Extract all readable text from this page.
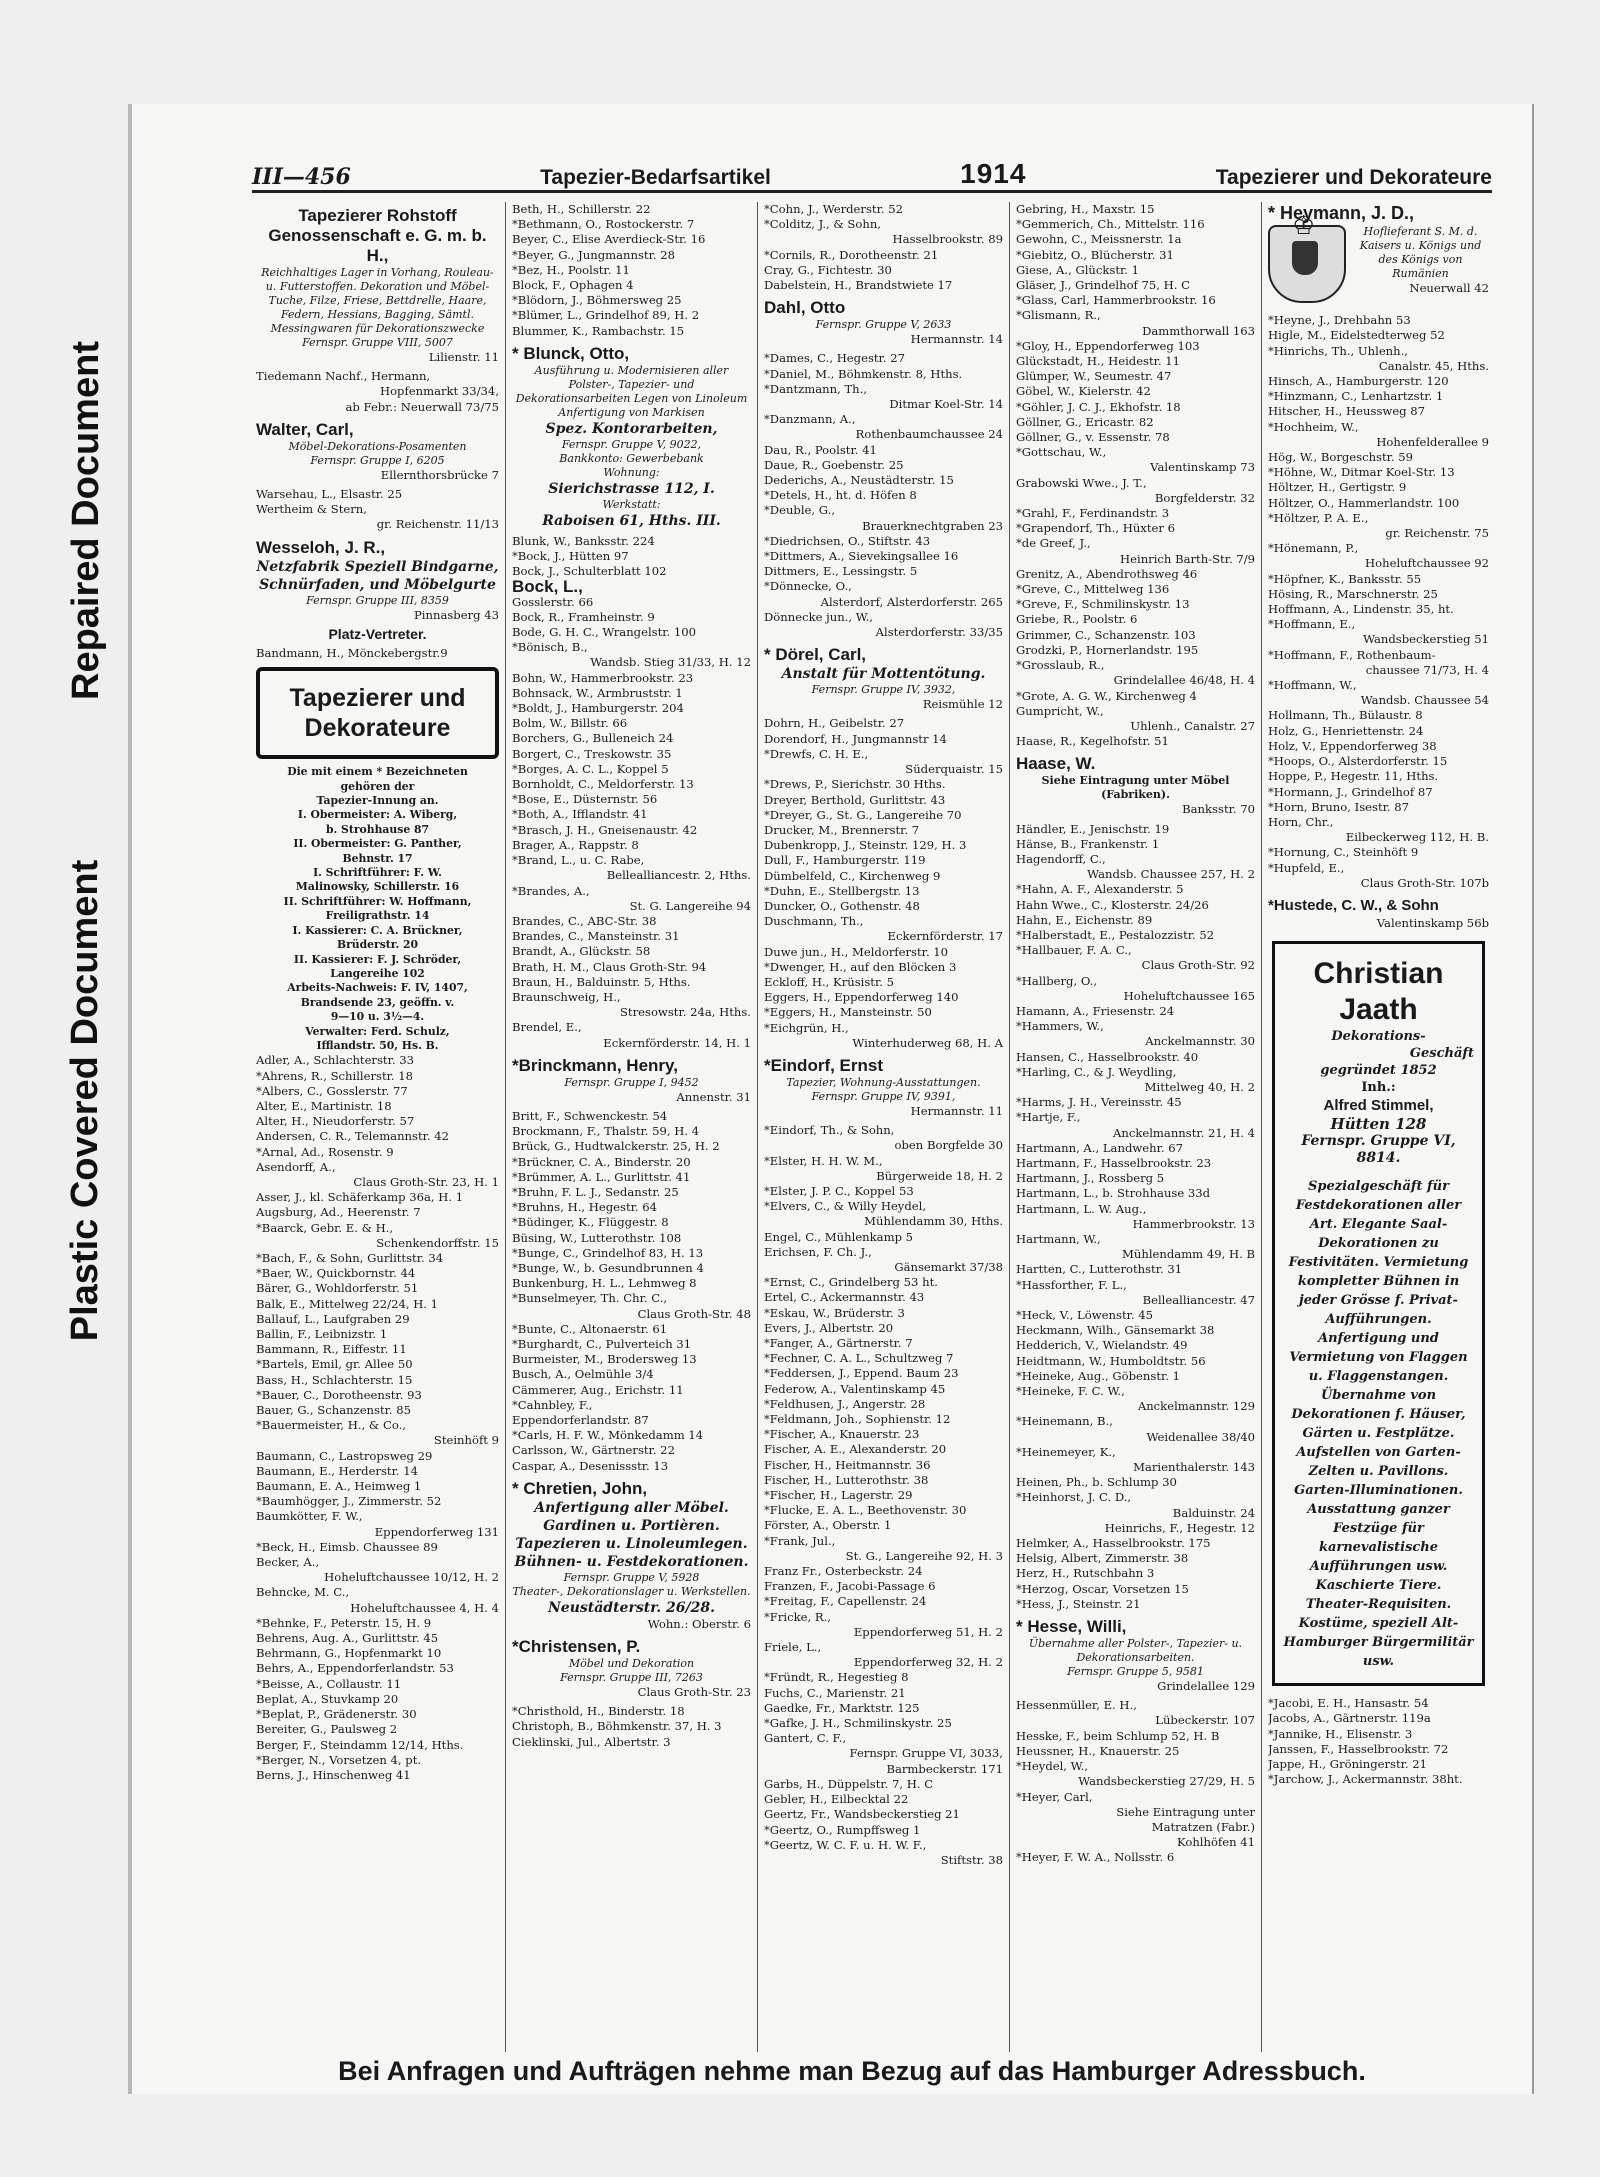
Repaired Document
Plastic Covered Document
III—456	Tapezier-Bedarfsartikel	1914	Tapezierer und Dekorateure
Tapezierer Rohstoff Genossenschaft e. G. m. b. H.,
Reichhaltiges Lager in Vorhang, Rouleau- u. Futterstoffen. Dekoration und Möbel-Tuche, Filze, Friese, Bettdrelle, Haare, Federn, Hessians, Bagging, Sämtl. Messingwaren für Dekorationszwecke
Fernspr. Gruppe VIII, 5007
Lilienstr. 11
Tiedemann Nachf., Hermann,
Hopfenmarkt 33/34,
ab Febr.: Neuerwall 73/75
Walter, Carl,
Möbel-Dekorations-Posamenten
Fernspr. Gruppe I, 6205
Ellernthorsbrücke 7
Warsehau, L., Elsastr. 25
Wertheim & Stern,
gr. Reichenstr. 11/13
Wesseloh, J. R.,
Netzfabrik Speziell Bindgarne, Schnürfaden, und Möbelgurte
Fernspr. Gruppe III, 8359
Pinnasberg 43
Platz-Vertreter.
Bandmann, H., Mönckebergstr.9
Tapezierer und Dekorateure
Die mit einem * Bezeichneten
gehören der
Tapezier-Innung an.
I. Obermeister: A. Wiberg,
b. Strohhause 87
II. Obermeister: G. Panther,
Behnstr. 17
I. Schriftführer: F. W.
Malinowsky, Schillerstr. 16
II. Schriftführer: W. Hoffmann,
Freiligrathstr. 14
I. Kassierer: C. A. Brückner,
Brüderstr. 20
II. Kassierer: F. J. Schröder,
Langereihe 102
Arbeits-Nachweis: F. IV, 1407,
Brandsende 23, geöffn. v.
9—10 u. 3½—4.
Verwalter: Ferd. Schulz,
Ifflandstr. 50, Hs. B.
Adler, A., Schlachterstr. 33
*Ahrens, R., Schillerstr. 18
*Albers, C., Gosslerstr. 77
Alter, E., Martinistr. 18
Alter, H., Nieudorferstr. 57
Andersen, C. R., Telemannstr. 42
*Arnal, Ad., Rosenstr. 9
Asendorff, A.,
Claus Groth-Str. 23, H. 1
Asser, J., kl. Schäferkamp 36a, H. 1
Augsburg, Ad., Heerenstr. 7
*Baarck, Gebr. E. & H.,
Schenkendorffstr. 15
*Bach, F., & Sohn, Gurlittstr. 34
*Baer, W., Quickbornstr. 44
Bärer, G., Wohldorferstr. 51
Balk, E., Mittelweg 22/24, H. 1
Ballauf, L., Laufgraben 29
Ballin, F., Leibnizstr. 1
Bammann, R., Eiffestr. 11
*Bartels, Emil, gr. Allee 50
Bass, H., Schlachterstr. 15
*Bauer, C., Dorotheenstr. 93
Bauer, G., Schanzenstr. 85
*Bauermeister, H., & Co.,
Steinhöft 9
Baumann, C., Lastropsweg 29
Baumann, E., Herderstr. 14
Baumann, E. A., Heimweg 1
*Baumhögger, J., Zimmerstr. 52
Baumkötter, F. W.,
Eppendorferweg 131
*Beck, H., Eimsb. Chaussee 89
Becker, A.,
Hoheluftchaussee 10/12, H. 2
Behncke, M. C.,
Hoheluftchaussee 4, H. 4
*Behnke, F., Peterstr. 15, H. 9
Behrens, Aug. A., Gurlittstr. 45
Behrmann, G., Hopfenmarkt 10
Behrs, A., Eppendorferlandstr. 53
*Beisse, A., Collaustr. 11
Beplat, A., Stuvkamp 20
*Beplat, P., Grädenerstr. 30
Bereiter, G., Paulsweg 2
Berger, F., Steindamm 12/14, Hths.
*Berger, N., Vorsetzen 4, pt.
Berns, J., Hinschenweg 41
Beth, H., Schillerstr. 22
*Bethmann, O., Rostockerstr. 7
Beyer, C., Elise Averdieck-Str. 16
*Beyer, G., Jungmannstr. 28
*Bez, H., Poolstr. 11
Block, F., Ophagen 4
*Blödorn, J., Böhmersweg 25
*Blümer, L., Grindelhof 89, H. 2
Blummer, K., Rambachstr. 15
* Blunck, Otto,
Ausführung u. Modernisieren aller Polster-, Tapezier- und Dekorationsarbeiten Legen von Linoleum Anfertigung von Markisen
Spez. Kontorarbeiten,
Fernspr. Gruppe V, 9022,
Bankkonto: Gewerbebank
Wohnung:
Sierichstrasse 112, I.
Werkstatt:
Raboisen 61, Hths. III.
Blunk, W., Banksstr. 224
*Bock, J., Hütten 97
Bock, J., Schulterblatt 102
Bock, L.,
Gosslerstr. 66
Bock, R., Framheinstr. 9
Bode, G. H. C., Wrangelstr. 100
*Bönisch, B.,
Wandsb. Stieg 31/33, H. 12
Bohn, W., Hammerbrookstr. 23
Bohnsack, W., Armbruststr. 1
*Boldt, J., Hamburgerstr. 204
Bolm, W., Billstr. 66
Borchers, G., Bulleneich 24
Borgert, C., Treskowstr. 35
*Borges, A. C. L., Koppel 5
Bornholdt, C., Meldorferstr. 13
*Bose, E., Düsternstr. 56
*Both, A., Ifflandstr. 41
*Brasch, J. H., Gneisenaustr. 42
Brager, A., Rappstr. 8
*Brand, L., u. C. Rabe,
Bellealliancestr. 2, Hths.
*Brandes, A.,
St. G. Langereihe 94
Brandes, C., ABC-Str. 38
Brandes, C., Mansteinstr. 31
Brandt, A., Glückstr. 58
Brath, H. M., Claus Groth-Str. 94
Braun, H., Balduinstr. 5, Hths.
Braunschweig, H.,
Stresowstr. 24a, Hths.
Brendel, E.,
Eckernförderstr. 14, H. 1
*Brinckmann, Henry,
Fernspr. Gruppe I, 9452
Annenstr. 31
Britt, F., Schwenckestr. 54
Brockmann, F., Thalstr. 59, H. 4
Brück, G., Hudtwalckerstr. 25, H. 2
*Brückner, C. A., Binderstr. 20
*Brümmer, A. L., Gurlittstr. 41
*Bruhn, F. L. J., Sedanstr. 25
*Bruhns, H., Hegestr. 64
*Büdinger, K., Flüggestr. 8
Büsing, W., Lutterothstr. 108
*Bunge, C., Grindelhof 83, H. 13
*Bunge, W., b. Gesundbrunnen 4
Bunkenburg, H. L., Lehmweg 8
*Bunselmeyer, Th. Chr. C.,
Claus Groth-Str. 48
*Bunte, C., Altonaerstr. 61
*Burghardt, C., Pulverteich 31
Burmeister, M., Brodersweg 13
Busch, A., Oelmühle 3/4
Cämmerer, Aug., Erichstr. 11
*Cahnbley, F.,
Eppendorferlandstr. 87
*Carls, H. F. W., Mönkedamm 14
Carlsson, W., Gärtnerstr. 22
Caspar, A., Desenissstr. 13
* Chretien, John,
Anfertigung aller Möbel. Gardinen u. Portièren. Tapezieren u. Linoleumlegen. Bühnen- u. Festdekorationen.
Fernspr. Gruppe V, 5928
Theater-, Dekorationslager u. Werkstellen.
Neustädterstr. 26/28.
Wohn.: Oberstr. 6
*Christensen, P.
Möbel und Dekoration
Fernspr. Gruppe III, 7263
Claus Groth-Str. 23
*Christhold, H., Binderstr. 18
Christoph, B., Böhmkenstr. 37, H. 3
Cieklinski, Jul., Albertstr. 3
*Cohn, J., Werderstr. 52
*Colditz, J., & Sohn,
Hasselbrookstr. 89
*Cornils, R., Dorotheenstr. 21
Cray, G., Fichtestr. 30
Dabelstein, H., Brandstwiete 17
Dahl, Otto
Fernspr. Gruppe V, 2633
Hermannstr. 14
*Dames, C., Hegestr. 27
*Daniel, M., Böhmkenstr. 8, Hths.
*Dantzmann, Th.,
Ditmar Koel-Str. 14
*Danzmann, A.,
Rothenbaumchaussee 24
Dau, R., Poolstr. 41
Daue, R., Goebenstr. 25
Dederichs, A., Neustädterstr. 15
*Detels, H., ht. d. Höfen 8
*Deuble, G.,
Brauerknechtgraben 23
*Diedrichsen, O., Stiftstr. 43
*Dittmers, A., Sievekingsallee 16
Dittmers, E., Lessingstr. 5
*Dönnecke, O.,
Alsterdorf, Alsterdorferstr. 265
Dönnecke jun., W.,
Alsterdorferstr. 33/35
* Dörel, Carl,
Anstalt für Mottentötung.
Fernspr. Gruppe IV, 3932,
Reismühle 12
Dohrn, H., Geibelstr. 27
Dorendorf, H., Jungmannstr 14
*Drewfs, C. H. E.,
Süderquaistr. 15
*Drews, P., Sierichstr. 30 Hths.
Dreyer, Berthold, Gurlittstr. 43
*Dreyer, G., St. G., Langereihe 70
Drucker, M., Brennerstr. 7
Dubenkropp, J., Steinstr. 129, H. 3
Dull, F., Hamburgerstr. 119
Dümbelfeld, C., Kirchenweg 9
*Duhn, E., Stellbergstr. 13
Duncker, O., Gothenstr. 48
Duschmann, Th.,
Eckernförderstr. 17
Duwe jun., H., Meldorferstr. 10
*Dwenger, H., auf den Blöcken 3
Eckloff, H., Krüsistr. 5
Eggers, H., Eppendorferweg 140
*Eggers, H., Mansteinstr. 50
*Eichgrün, H.,
Winterhuderweg 68, H. A
*Eindorf, Ernst
Tapezier, Wohnung-Ausstattungen.
Fernspr. Gruppe IV, 9391,
Hermannstr. 11
*Eindorf, Th., & Sohn,
oben Borgfelde 30
*Elster, H. H. W. M.,
Bürgerweide 18, H. 2
*Elster, J. P. C., Koppel 53
*Elvers, C., & Willy Heydel,
Mühlendamm 30, Hths.
Engel, C., Mühlenkamp 5
Erichsen, F. Ch. J.,
Gänsemarkt 37/38
*Ernst, C., Grindelberg 53 ht.
Ertel, C., Ackermannstr. 43
*Eskau, W., Brüderstr. 3
Evers, J., Albertstr. 20
*Fanger, A., Gärtnerstr. 7
*Fechner, C. A. L., Schultzweg 7
*Feddersen, J., Eppend. Baum 23
Federow, A., Valentinskamp 45
*Feldhusen, J., Angerstr. 28
*Feldmann, Joh., Sophienstr. 12
*Fischer, A., Knauerstr. 23
Fischer, A. E., Alexanderstr. 20
Fischer, H., Heitmannstr. 36
Fischer, H., Lutterothstr. 38
*Fischer, H., Lagerstr. 29
*Flucke, E. A. L., Beethovenstr. 30
Förster, A., Oberstr. 1
*Frank, Jul.,
St. G., Langereihe 92, H. 3
Franz Fr., Osterbeckstr. 24
Franzen, F., Jacobi-Passage 6
*Freitag, F., Capellenstr. 24
*Fricke, R.,
Eppendorferweg 51, H. 2
Friele, L.,
Eppendorferweg 32, H. 2
*Fründt, R., Hegestieg 8
Fuchs, C., Marienstr. 21
Gaedke, Fr., Marktstr. 125
*Gafke, J. H., Schmilinskystr. 25
Gantert, C. F.,
Fernspr. Gruppe VI, 3033,
Barmbeckerstr. 171
Garbs, H., Düppelstr. 7, H. C
Gebler, H., Eilbecktal 22
Geertz, Fr., Wandsbeckerstieg 21
*Geertz, O., Rumpffsweg 1
*Geertz, W. C. F. u. H. W. F.,
Stiftstr. 38
Gebring, H., Maxstr. 15
*Gemmerich, Ch., Mittelstr. 116
Gewohn, C., Meissnerstr. 1a
*Giebitz, O., Blücherstr. 31
Giese, A., Glückstr. 1
Gläser, J., Grindelhof 75, H. C
*Glass, Carl, Hammerbrookstr. 16
*Glismann, R.,
Dammthorwall 163
*Gloy, H., Eppendorferweg 103
Glückstadt, H., Heidestr. 11
Glümper, W., Seumestr. 47
Göbel, W., Kielerstr. 42
*Göhler, J. C. J., Ekhofstr. 18
Göllner, G., Ericastr. 82
Göllner, G., v. Essenstr. 78
*Gottschau, W.,
Valentinskamp 73
Grabowski Wwe., J. T.,
Borgfelderstr. 32
*Grahl, F., Ferdinandstr. 3
*Grapendorf, Th., Hüxter 6
*de Greef, J.,
Heinrich Barth-Str. 7/9
Grenitz, A., Abendrothsweg 46
*Greve, C., Mittelweg 136
*Greve, F., Schmilinskystr. 13
Griebe, R., Poolstr. 6
Grimmer, C., Schanzenstr. 103
Grodzki, P., Hornerlandstr. 195
*Grosslaub, R.,
Grindelallee 46/48, H. 4
*Grote, A. G. W., Kirchenweg 4
Gumpricht, W.,
Uhlenh., Canalstr. 27
Haase, R., Kegelhofstr. 51
Haase, W.
Siehe Eintragung unter Möbel (Fabriken).
Banksstr. 70
Händler, E., Jenischstr. 19
Hänse, B., Frankenstr. 1
Hagendorff, C.,
Wandsb. Chaussee 257, H. 2
*Hahn, A. F., Alexanderstr. 5
Hahn Wwe., C., Klosterstr. 24/26
Hahn, E., Eichenstr. 89
*Halberstadt, E., Pestalozzistr. 52
*Hallbauer, F. A. C.,
Claus Groth-Str. 92
*Hallberg, O.,
Hoheluftchaussee 165
Hamann, A., Friesenstr. 24
*Hammers, W.,
Anckelmannstr. 30
Hansen, C., Hasselbrookstr. 40
*Harling, C., & J. Weydling,
Mittelweg 40, H. 2
*Harms, J. H., Vereinsstr. 45
*Hartje, F.,
Anckelmannstr. 21, H. 4
Hartmann, A., Landwehr. 67
Hartmann, F., Hasselbrookstr. 23
Hartmann, J., Rossberg 5
Hartmann, L., b. Strohhause 33d
Hartmann, L. W. Aug.,
Hammerbrookstr. 13
Hartmann, W.,
Mühlendamm 49, H. B
Hartten, C., Lutterothstr. 31
*Hassforther, F. L.,
Bellealliancestr. 47
*Heck, V., Löwenstr. 45
Heckmann, Wilh., Gänsemarkt 38
Hedderich, V., Wielandstr. 49
Heidtmann, W., Humboldtstr. 56
*Heineke, Aug., Göbenstr. 1
*Heineke, F. C. W.,
Anckelmannstr. 129
*Heinemann, B.,
Weidenallee 38/40
*Heinemeyer, K.,
Marienthalerstr. 143
Heinen, Ph., b. Schlump 30
*Heinhorst, J. C. D.,
Balduinstr. 24
Heinrichs, F., Hegestr. 12
Helmker, A., Hasselbrookstr. 175
Helsig, Albert, Zimmerstr. 38
Herz, H., Rutschbahn 3
*Herzog, Oscar, Vorsetzen 15
*Hess, J., Steinstr. 21
* Hesse, Willi,
Übernahme aller Polster-, Tapezier- u. Dekorationsarbeiten.
Fernspr. Gruppe 5, 9581
Grindelallee 129
Hessenmüller, E. H.,
Lübeckerstr. 107
Hesske, F., beim Schlump 52, H. B
Heussner, H., Knauerstr. 25
*Heydel, W.,
Wandsbeckerstieg 27/29, H. 5
*Heyer, Carl,
Siehe Eintragung unter
Matratzen (Fabr.)
Kohlhöfen 41
*Heyer, F. W. A., Nollsstr. 6
* Heymann, J. D.,
♔
Hoflieferant S. M. d. Kaisers u. Königs und des Königs von Rumänien
Neuerwall 42
*Heyne, J., Drehbahn 53
Higle, M., Eidelstedterweg 52
*Hinrichs, Th., Uhlenh.,
Canalstr. 45, Hths.
Hinsch, A., Hamburgerstr. 120
*Hinzmann, C., Lenhartzstr. 1
Hitscher, H., Heussweg 87
*Hochheim, W.,
Hohenfelderallee 9
Hög, W., Borgeschstr. 59
*Höhne, W., Ditmar Koel-Str. 13
Höltzer, H., Gertigstr. 9
Höltzer, O., Hammerlandstr. 100
*Höltzer, P. A. E.,
gr. Reichenstr. 75
*Hönemann, P.,
Hoheluftchaussee 92
*Höpfner, K., Banksstr. 55
Hösing, R., Marschnerstr. 25
Hoffmann, A., Lindenstr. 35, ht.
*Hoffmann, E.,
Wandsbeckerstieg 51
*Hoffmann, F., Rothenbaum-
chaussee 71/73, H. 4
*Hoffmann, W.,
Wandsb. Chaussee 54
Hollmann, Th., Bülaustr. 8
Holz, G., Henriettenstr. 24
Holz, V., Eppendorferweg 38
*Hoops, O., Alsterdorferstr. 15
Hoppe, P., Hegestr. 11, Hths.
*Hormann, J., Grindelhof 87
*Horn, Bruno, Isestr. 87
Horn, Chr.,
Eilbeckerweg 112, H. B.
*Hornung, C., Steinhöft 9
*Hupfeld, E.,
Claus Groth-Str. 107b
*Hustede, C. W., & Sohn
Valentinskamp 56b
Christian Jaath
Dekorations-
Geschäft
gegründet 1852
Inh.:
Alfred Stimmel,
Hütten 128
Fernspr. Gruppe VI, 8814.
Spezialgeschäft für Festdekorationen aller Art. Elegante Saal-Dekorationen zu Festivitäten. Vermietung kompletter Bühnen in jeder Grösse f. Privat-Aufführungen. Anfertigung und Vermietung von Flaggen u. Flaggenstangen. Übernahme von Dekorationen f. Häuser, Gärten u. Festplätze. Aufstellen von Garten-Zelten u. Pavillons. Garten-Illuminationen. Ausstattung ganzer Festzüge für karnevalistische Aufführungen usw. Kaschierte Tiere. Theater-Requisiten. Kostüme, speziell Alt-Hamburger Bürgermilitär usw.
*Jacobi, E. H., Hansastr. 54
Jacobs, A., Gärtnerstr. 119a
*Jannike, H., Elisenstr. 3
Janssen, F., Hasselbrookstr. 72
Jappe, H., Gröningerstr. 21
*Jarchow, J., Ackermannstr. 38ht.
Bei Anfragen und Aufträgen nehme man Bezug auf das Hamburger Adressbuch.
